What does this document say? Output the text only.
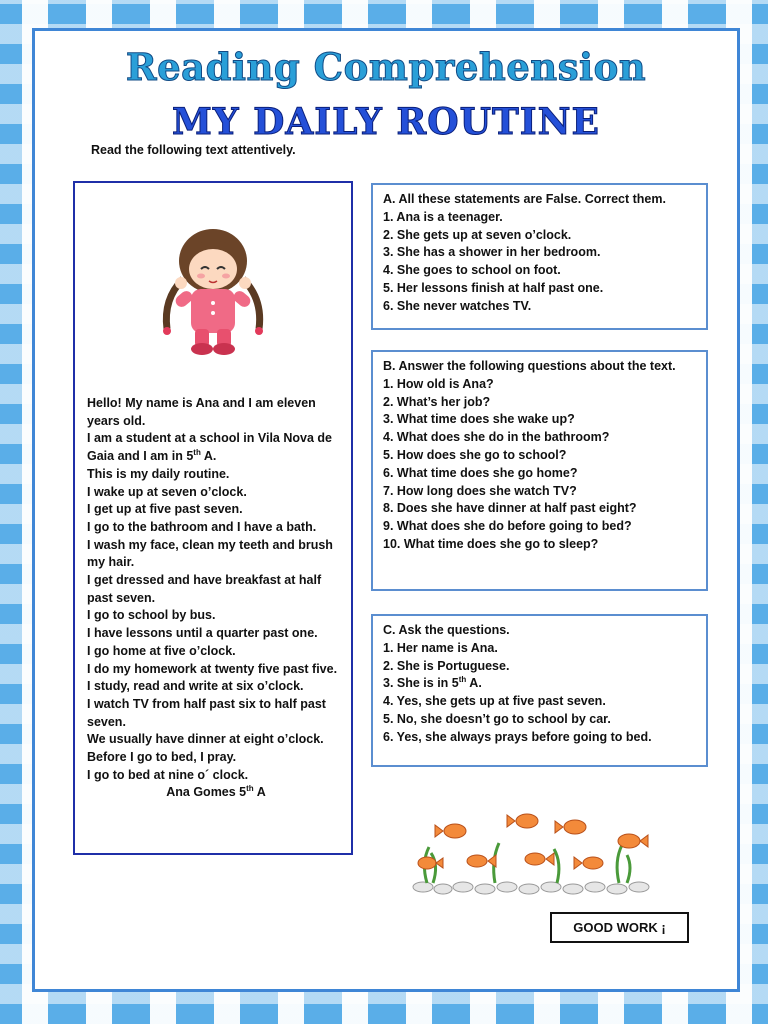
Reading Comprehension
MY DAILY ROUTINE
Read the following text attentively.

Hello! My name is Ana and I am eleven years old.

I am a student at a school in Vila Nova de Gaia and I am in 5th A.

This is my daily routine.

I wake up at seven o’clock.

I get up at five past seven.

I go to the bathroom and I have a bath.

I wash my face, clean my teeth and brush my hair.

I get dressed and have breakfast at half past seven.

I go to school by bus.

I have lessons until a quarter past one.

I go home at five o’clock.

I do my homework at twenty five past five.

I study, read and write at six o’clock.

I watch TV from half past six to half past seven.

We usually have dinner at eight o’clock.

Before I go to bed, I pray.

I go to bed at nine o´ clock.

Ana Gomes 5th A

A. All these statements are False. Correct them.

1. Ana is a teenager.

2. She gets up at seven o’clock.

3. She has a shower in her bedroom.

4. She goes to school on foot.

5. Her lessons finish at half past one.

6. She never watches TV.

B. Answer the following questions about the text.

1. How old is Ana?

2. What’s her job?

3. What time does she wake up?

4. What does she do in the bathroom?

5. How does she go to school?

6. What time does she go home?

7. How long does she watch TV?

8. Does she have dinner at half past eight?

9. What does she do before going to bed?

10. What time does she go to sleep?

C. Ask the questions.

1. Her name is Ana.

2. She is Portuguese.

3. She is in 5th A.

4. Yes, she gets up at five past seven.

5. No, she doesn’t go to school by car.

6. Yes, she always prays before going to bed.

GOOD WORK ¡
